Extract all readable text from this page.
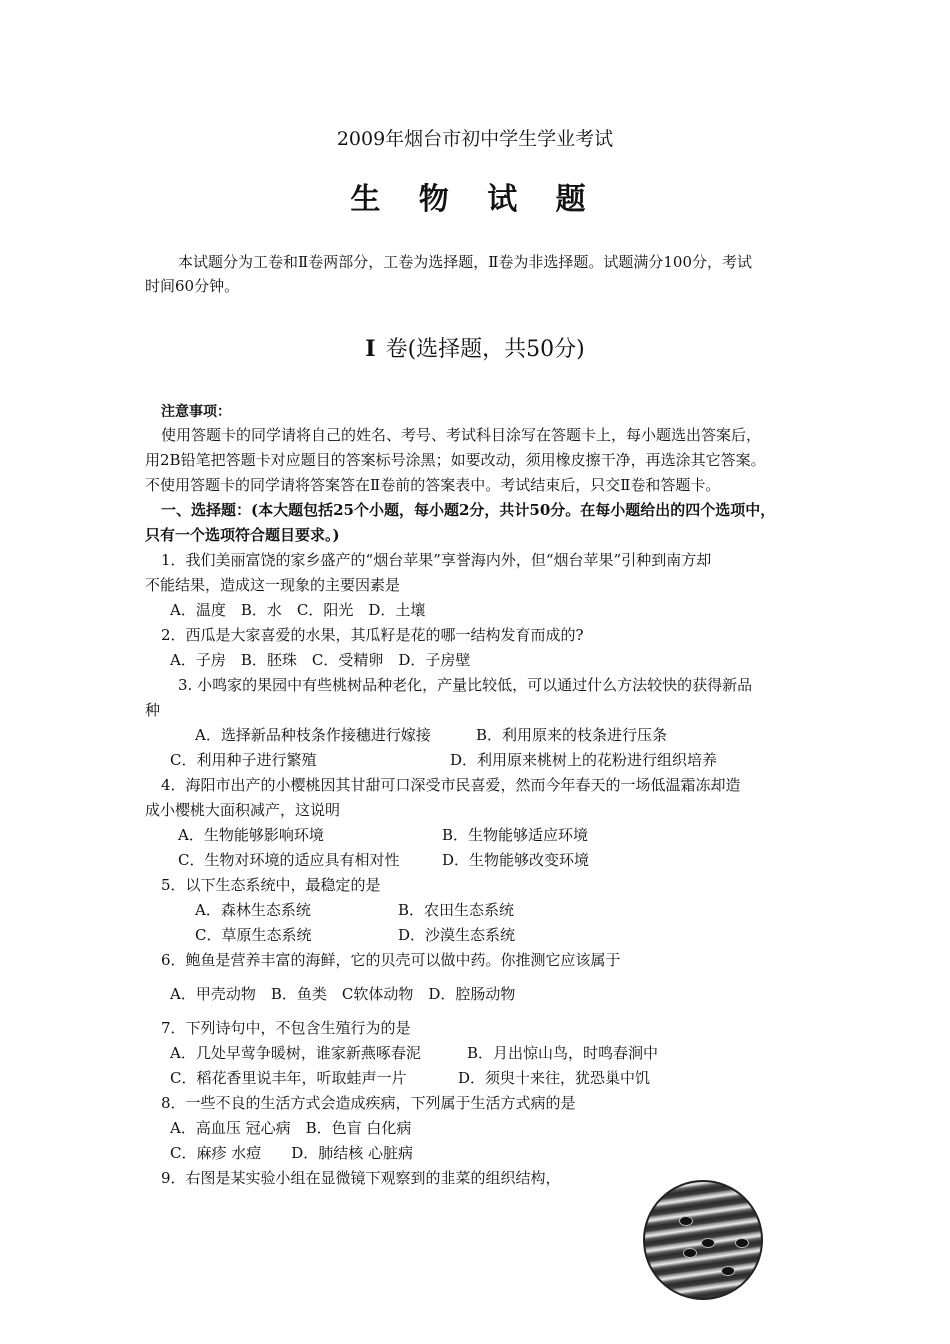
2009年烟台市初中学生学业考试
生 物 试 题
本试题分为工卷和Ⅱ卷两部分，工卷为选择题，Ⅱ卷为非选择题。试题满分100分，考试
时间60分钟。
Ⅰ 卷(选择题，共50分)
注意事项：
使用答题卡的同学请将自己的姓名、考号、考试科目涂写在答题卡上，每小题选出答案后，
用2B铅笔把答题卡对应题目的答案标号涂黑；如要改动，须用橡皮擦干净，再选涂其它答案。
不使用答题卡的同学请将答案答在Ⅱ卷前的答案表中。考试结束后，只交Ⅱ卷和答题卡。
一、选择题：(本大题包括25个小题，每小题2分，共计50分。在每小题给出的四个选项中，
只有一个选项符合题目要求。)
1．我们美丽富饶的家乡盛产的“烟台苹果”享誉海内外，但“烟台苹果”引种到南方却
不能结果，造成这一现象的主要因素是
A．温度　B．水　C．阳光　D．土壤
2．西瓜是大家喜爱的水果，其瓜籽是花的哪一结构发育而成的?
A．子房　B．胚珠　C．受精卵　D．子房壁
3. 小鸣家的果园中有些桃树品种老化，产量比较低，可以通过什么方法较快的获得新品
种
A．选择新品种枝条作接穗进行嫁接	B．利用原来的枝条进行压条
C．利用种子进行繁殖	D．利用原来桃树上的花粉进行组织培养
4．海阳市出产的小樱桃因其甘甜可口深受市民喜爱，然而今年春天的一场低温霜冻却造
成小樱桃大面积减产，这说明
A．生物能够影响环境	B．生物能够适应环境
C．生物对环境的适应具有相对性	D．生物能够改变环境
5．以下生态系统中，最稳定的是
A．森林生态系统	B．农田生态系统
C．草原生态系统	D．沙漠生态系统
6．鲍鱼是营养丰富的海鲜，它的贝壳可以做中药。你推测它应该属于
A．甲壳动物　B．鱼类　C软体动物　D．腔肠动物
7．下列诗句中，不包含生殖行为的是
A．几处早莺争暖树，谁家新燕啄春泥	B．月出惊山鸟，时鸣春涧中
C．稻花香里说丰年，听取蛙声一片	D．须臾十来往，犹恐巢中饥
8．一些不良的生活方式会造成疾病，下列属于生活方式病的是
A．高血压 冠心病　B．色盲 白化病
C．麻疹 水痘　　D．肺结核 心脏病
9．右图是某实验小组在显微镜下观察到的韭菜的组织结构，
